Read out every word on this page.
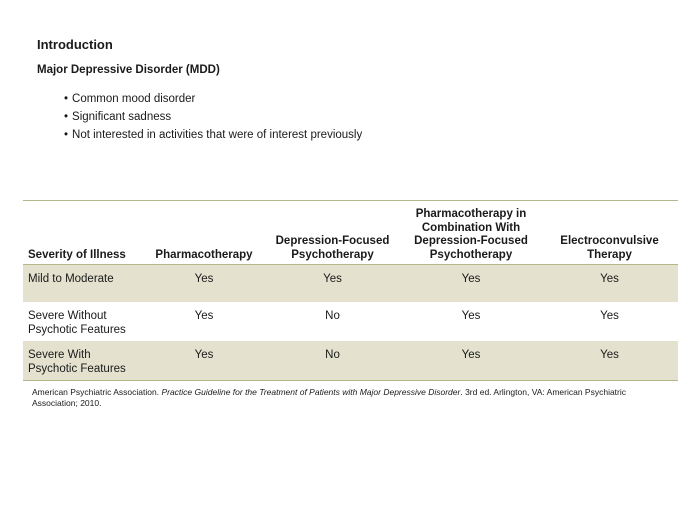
Introduction
Major Depressive Disorder (MDD)
• Common mood disorder
• Significant sadness
• Not interested in activities that were of interest previously
Severity of Illness	Pharmacotherapy	Depression-Focused Psychotherapy	Pharmacotherapy in Combination With Depression-Focused Psychotherapy	Electroconvulsive Therapy
Mild to Moderate	Yes	Yes	Yes	Yes
Severe Without Psychotic Features	Yes	No	Yes	Yes
Severe With Psychotic Features	Yes	No	Yes	Yes

American Psychiatric Association. Practice Guideline for the Treatment of Patients with Major Depressive Disorder. 3rd ed. Arlington, VA: American Psychiatric Association; 2010.
